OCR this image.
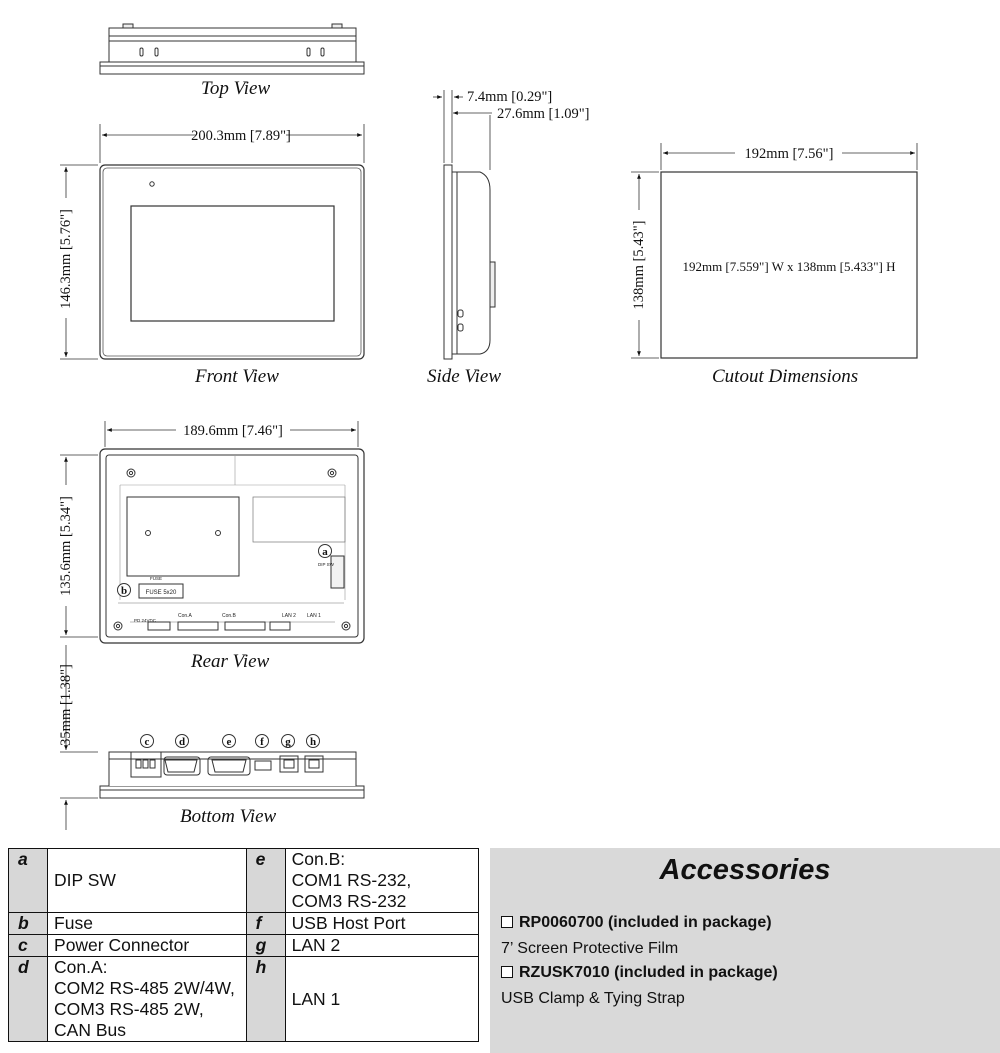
200.3mm [7.89"]
146.3mm [5.76"]
7.4mm [0.29"]
27.6mm [1.09"]
192mm [7.559"] W x 138mm [5.433"] H
192mm [7.56"]
138mm [5.43"]
Con.A	Con.B	LAN 2 LAN 1
PD 24VDC
a
DIP SW
b
FUSE
FUSE 5x20
189.6mm [7.46"]
135.6mm [5.34"]
c	d	e	f g h
35mm [1.38"]
Top View
Front View	Side View	Cutout Dimensions
Rear View
Bottom View
a	DIP SW	e	Con.B:
COM1 RS-232,
COM3 RS-232

b	Fuse	f	USB Host Port

c	Power Connector	g	LAN 2

d	Con.A:
COM2 RS-485 2W/4W,
COM3 RS-485 2W,
CAN Bus	h	LAN 1
Accessories
RP0060700 (included in package)
7’ Screen Protective Film
RZUSK7010 (included in package)
USB Clamp & Tying Strap
